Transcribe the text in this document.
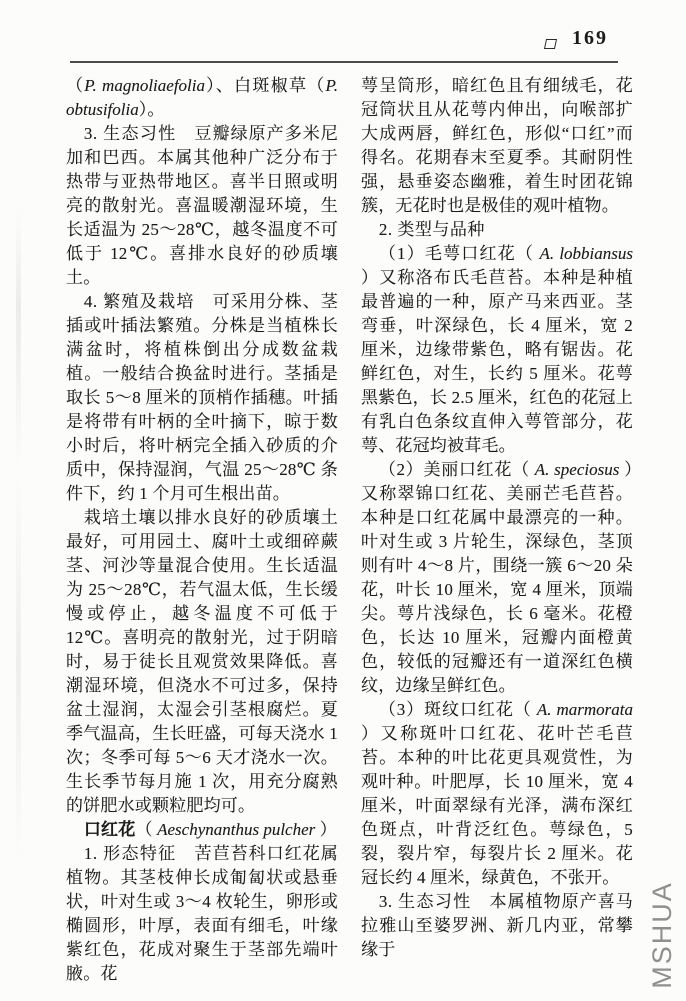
169

（P. magnoliaefolia）、白斑椒草（P. obtusifolia）。

3. 生态习性　豆瓣绿原产多米尼加和巴西。本属其他种广泛分布于热带与亚热带地区。喜半日照或明亮的散射光。喜温暖潮湿环境，生长适温为 25～28℃，越冬温度不可低于 12℃。喜排水良好的砂质壤土。

4. 繁殖及栽培　可采用分株、茎插或叶插法繁殖。分株是当植株长满盆时，将植株倒出分成数盆栽植。一般结合换盆时进行。茎插是取长 5～8 厘米的顶梢作插穗。叶插是将带有叶柄的全叶摘下，晾于数小时后，将叶柄完全插入砂质的介质中，保持湿润，气温 25～28℃ 条件下，约 1 个月可生根出苗。

栽培土壤以排水良好的砂质壤土最好，可用园土、腐叶土或细碎蕨茎、河沙等量混合使用。生长适温为 25～28℃，若气温太低，生长缓慢或停止，越冬温度不可低于 12℃。喜明亮的散射光，过于阴暗时，易于徒长且观赏效果降低。喜潮湿环境，但浇水不可过多，保持盆土湿润，太湿会引茎根腐烂。夏季气温高，生长旺盛，可每天浇水 1 次；冬季可每 5～6 天才浇水一次。生长季节每月施 1 次，用充分腐熟的饼肥水或颗粒肥均可。

口红花（ Aeschynanthus pulcher ）

1. 形态特征　苦苣苔科口红花属植物。其茎枝伸长成匍匐状或悬垂状，叶对生或 3～4 枚轮生，卵形或椭圆形，叶厚，表面有细毛，叶缘紫红色，花成对聚生于茎部先端叶腋。花

萼呈筒形，暗红色且有细绒毛，花冠筒状且从花萼内伸出，向喉部扩大成两唇，鲜红色，形似“口红”而得名。花期春末至夏季。其耐阴性强，悬垂姿态幽雅，着生时团花锦簇，无花时也是极佳的观叶植物。

2. 类型与品种

（1）毛萼口红花（ A. lobbiansus ）又称洛布氏毛苣苔。本种是种植最普遍的一种，原产马来西亚。茎弯垂，叶深绿色，长 4 厘米，宽 2 厘米，边缘带紫色，略有锯齿。花鲜红色，对生，长约 5 厘米。花萼黑紫色，长 2.5 厘米，红色的花冠上有乳白色条纹直伸入萼管部分，花萼、花冠均被茸毛。

（2）美丽口红花（ A. speciosus ）又称翠锦口红花、美丽芒毛苣苔。本种是口红花属中最漂亮的一种。叶对生或 3 片轮生，深绿色，茎顶则有叶 4～8 片，围绕一簇 6～20 朵花，叶长 10 厘米，宽 4 厘米，顶端尖。萼片浅绿色，长 6 毫米。花橙色，长达 10 厘米，冠瓣内面橙黄色，较低的冠瓣还有一道深红色横纹，边缘呈鲜红色。

（3）斑纹口红花（ A. marmorata ）又称斑叶口红花、花叶芒毛苣苔。本种的叶比花更具观赏性，为观叶种。叶肥厚，长 10 厘米，宽 4 厘米，叶面翠绿有光泽，满布深红色斑点，叶背泛红色。萼绿色，5 裂，裂片窄，每裂片长 2 厘米。花冠长约 4 厘米，绿黄色，不张开。

3. 生态习性　本属植物原产喜马拉雅山至婆罗洲、新几内亚，常攀缘于	MSHUA
